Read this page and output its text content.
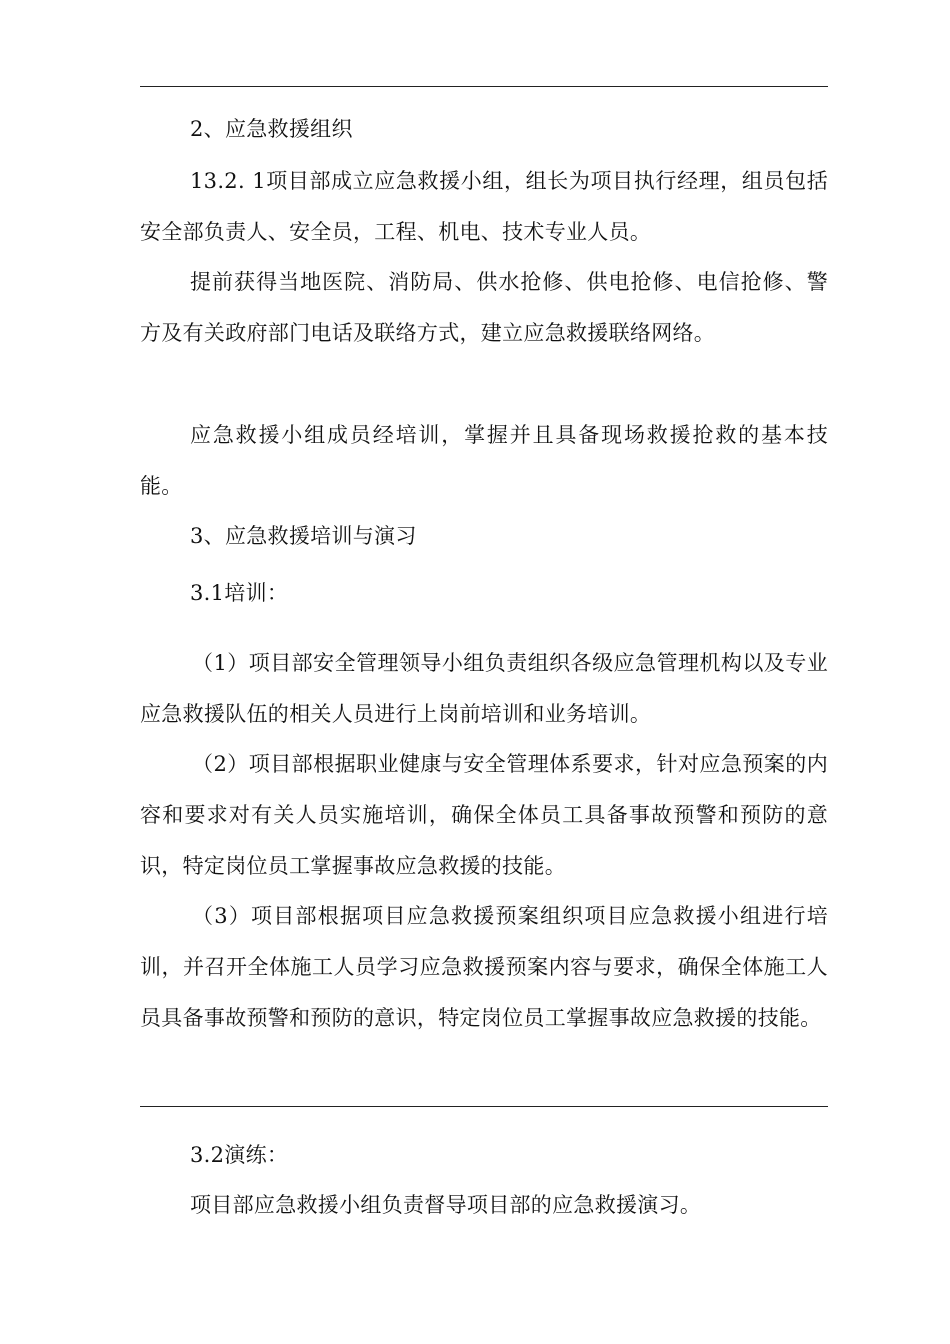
2、应急救援组织

13.2. 1项目部成立应急救援小组，组长为项目执行经理，组员包括安全部负责人、安全员，工程、机电、技术专业人员。

提前获得当地医院、消防局、供水抢修、供电抢修、电信抢修、警方及有关政府部门电话及联络方式，建立应急救援联络网络。

应急救援小组成员经培训，掌握并且具备现场救援抢救的基本技能。

3、应急救援培训与演习

3.1培训：

（1）项目部安全管理领导小组负责组织各级应急管理机构以及专业应急救援队伍的相关人员进行上岗前培训和业务培训。

（2）项目部根据职业健康与安全管理体系要求，针对应急预案的内容和要求对有关人员实施培训，确保全体员工具备事故预警和预防的意识，特定岗位员工掌握事故应急救援的技能。

（3）项目部根据项目应急救援预案组织项目应急救援小组进行培训，并召开全体施工人员学习应急救援预案内容与要求，确保全体施工人员具备事故预警和预防的意识，特定岗位员工掌握事故应急救援的技能。

3.2演练：

项目部应急救援小组负责督导项目部的应急救援演习。
